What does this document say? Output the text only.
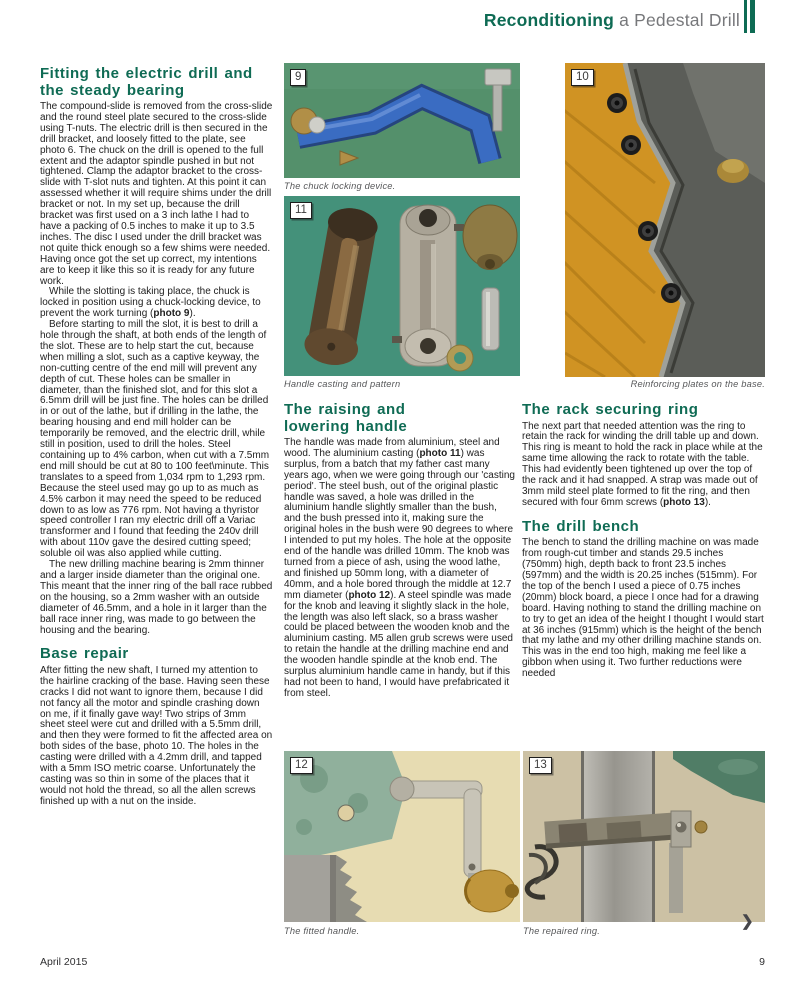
Reconditioning a Pedestal Drill
Fitting the electric drill and the steady bearing

The compound-slide is removed from the cross-slide and the round steel plate secured to the cross-slide using T-nuts. The electric drill is then secured in the drill bracket, and loosely fitted to the plate, see photo 6. The chuck on the drill is opened to the full extent and the adaptor spindle pushed in but not tightened. Clamp the adaptor bracket to the cross-slide with T-slot nuts and tighten. At this point it can assessed whether it will require shims under the drill bracket or not. In my set up, because the drill bracket was first used on a 3 inch lathe I had to have a packing of 0.5 inches to make it up to 3.5 inches. The disc I used under the drill bracket was not quite thick enough so a few shims were needed. Having once got the set up correct, my intentions are to keep it like this so it is ready for any future work.

While the slotting is taking place, the chuck is locked in position using a chuck-locking device, to prevent the work turning (photo 9).

Before starting to mill the slot, it is best to drill a hole through the shaft, at both ends of the length of the slot. These are to help start the cut, because when milling a slot, such as a captive keyway, the non-cutting centre of the end mill will prevent any depth of cut. These holes can be smaller in diameter, than the finished slot, and for this slot a 6.5mm drill will be just fine. The holes can be drilled in or out of the lathe, but if drilling in the lathe, the bearing housing and end mill holder can be temporarily be removed, and the electric drill, while still in position, used to drill the holes. Steel containing up to 4% carbon, when cut with a 7.5mm end mill should be cut at 80 to 100 feet\minute. This translates to a speed from 1,034 rpm to 1,293 rpm. Because the steel used may go up to as much as 4.5% carbon it may need the speed to be reduced down to as low as 776 rpm. Not having a thyristor speed controller I ran my electric drill off a Variac transformer and I found that feeding the 240v drill with about 110v gave the desired cutting speed; soluble oil was also applied while cutting.

The new drilling machine bearing is 2mm thinner and a larger inside diameter than the original one. This meant that the inner ring of the ball race rubbed on the housing, so a 2mm washer with an outside diameter of 46.5mm, and a hole in it larger than the ball race inner ring, was made to go between the housing and the bearing.

Base repair

After fitting the new shaft, I turned my attention to the hairline cracking of the base. Having seen these cracks I did not want to ignore them, because I did not fancy all the motor and spindle crashing down on me, if it finally gave way! Two strips of 3mm sheet steel were cut and drilled with a 5.5mm drill, and then they were formed to fit the affected area on both sides of the base, photo 10. The holes in the casting were drilled with a 4.2mm drill, and tapped with a 5mm ISO metric coarse. Unfortunately the casting was so thin in some of the places that it would not hold the thread, so all the allen screws finished up with a nut on the inside.

9
The chuck locking device.
11
Handle casting and pattern
10
Reinforcing plates on the base.
The raising and lowering handle

The handle was made from aluminium, steel and wood. The aluminium casting (photo 11) was surplus, from a batch that my father cast many years ago, when we were going through our 'casting period'. The steel bush, out of the original plastic handle was saved, a hole was drilled in the aluminium handle slightly smaller than the bush, and the bush pressed into it, making sure the original holes in the bush were 90 degrees to where I intended to put my holes. The hole at the opposite end of the handle was drilled 10mm. The knob was turned from a piece of ash, using the wood lathe, and finished up 50mm long, with a diameter of 40mm, and a hole bored through the middle at 12.7 mm diameter (photo 12). A steel spindle was made for the knob and leaving it slightly slack in the hole, the length was also left slack, so a brass washer could be placed between the wooden knob and the aluminium casting. M5 allen grub screws were used to retain the handle at the drilling machine end and the wooden handle spindle at the knob end. The surplus aluminium handle came in handy, but if this had not been to hand, I would have prefabricated it from steel.

The rack securing ring

The next part that needed attention was the ring to retain the rack for winding the drill table up and down. This ring is meant to hold the rack in place while at the same time allowing the rack to rotate with the table. This had evidently been tightened up over the top of the rack and it had snapped. A strap was made out of 3mm mild steel plate formed to fit the ring, and then secured with four 6mm screws (photo 13).

The drill bench

The bench to stand the drilling machine on was made from rough-cut timber and stands 29.5 inches (750mm) high, depth back to front 23.5 inches (597mm) and the width is 20.25 inches (515mm). For the top of the bench I used a piece of 0.75 inches (20mm) block board, a piece I once had for a drawing board. Having nothing to stand the drilling machine on to try to get an idea of the height I thought I would start at 36 inches (915mm) which is the height of the bench that my lathe and my other drilling machine stands on. This was in the end too high, making me feel like a gibbon when using it. Two further reductions were needed

12
The fitted handle.
13
The repaired ring.
April 2015	9
❯
